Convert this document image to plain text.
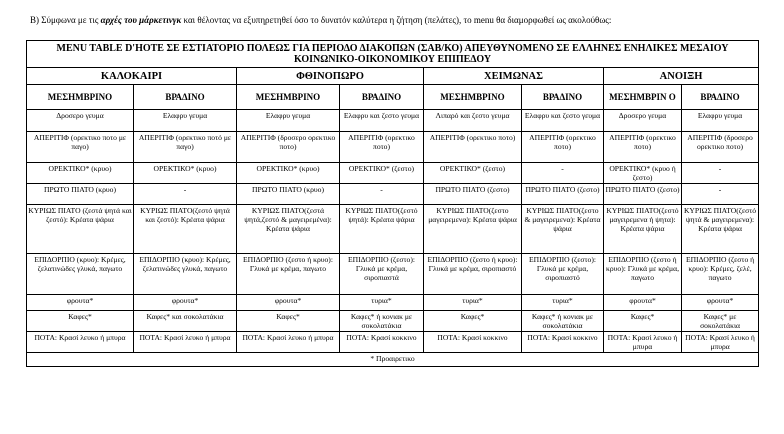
Β) Σύμφωνα με τις αρχές του μάρκετινγκ και θέλοντας να εξυπηρετηθεί όσο το δυνατόν καλύτερα η ζήτηση (πελάτες), το menu θα διαμορφωθεί ως ακολούθως:
MENU TABLE D'HOTE ΣΕ ΕΣΤΙΑΤΟΡΙΟ ΠΟΛΕΩΣ ΓΙΑ ΠΕΡΙΟΔΟ ΔΙΑΚΟΠΩΝ (ΣΑΒ/ΚΟ) ΑΠΕΥΘΥΝΟΜΕΝΟ ΣΕ ΕΛΛΗΝΕΣ ΕΝΗΛΙΚΕΣ ΜΕΣΑΙΟΥ ΚΟΙΝΩΝΙΚΟ-ΟΙΚΟΝΟΜΙΚΟΥ ΕΠΙΠΕΔΟΥ							
ΚΑΛΟΚΑΙΡΙ		ΦΘΙΝΟΠΩΡΟ		ΧΕΙΜΩΝΑΣ		ΑΝΟΙΞΗ	
ΜΕΣΗΜΒΡΙΝΟ	ΒΡΑΔΙΝΟ	ΜΕΣΗΜΒΡΙΝΟ	ΒΡΑΔΙΝΟ	ΜΕΣΗΜΒΡΙΝΟ	ΒΡΑΔΙΝΟ	ΜΕΣΗΜΒΡΙΝ Ο	ΒΡΑΔΙΝΟ
Δροσερο γευμα	Ελαφρυ γευμα	Ελαφρυ γευμα	Ελαφρυ και ζεστο γευμα	Λιπαρό και ζεστο γευμα	Ελαφρυ και ζεστο γευμα	Δροσερο γευμα	Ελαφρυ γευμα
ΑΠΕΡΙΤΙΦ (ορεκτικο ποτο με παγο)	ΑΠΕΡΙΤΙΦ (ορεκτικο ποτό με παγο)	ΑΠΕΡΙΤΙΦ (δροσερο ορεκτικο ποτο)	ΑΠΕΡΙΤΙΦ (ορεκτικο ποτο)	ΑΠΕΡΙΤΙΦ (ορεκτικο ποτο)	ΑΠΕΡΙΤΙΦ (ορεκτικο ποτο)	ΑΠΕΡΙΤΙΦ (ορεκτικο ποτο)	ΑΠΕΡΙΤΙΦ (δροσερο ορεκτικο ποτο)
ΟΡΕΚΤΙΚΟ* (κρυο)	ΟΡΕΚΤΙΚΟ* (κρυο)	ΟΡΕΚΤΙΚΟ* (κρυο)	ΟΡΕΚΤΙΚΟ* (ζεστο)	ΟΡΕΚΤΙΚΟ* (ζεστο)	-	ΟΡΕΚΤΙΚΟ* (κρυο ή ζεστο)	-
ΠΡΩΤΟ ΠΙΑΤΟ (κρυο)	-	ΠΡΩΤΟ ΠΙΑΤΟ (κρυο)	-	ΠΡΩΤΟ ΠΙΑΤΟ (ζεστο)	ΠΡΩΤΟ ΠΙΑΤΟ (ζεστο)	ΠΡΩΤΟ ΠΙΑΤΟ (ζεστο)	-
ΚΥΡΙΩΣ ΠΙΑΤΟ (ζεστά ψητά και ζεστό): Κρέατα ψάρια	ΚΥΡΙΩΣ ΠΙΑΤΟ(ζεστό ψητά και ζεστό): Κρέατα ψάρια	ΚΥΡΙΩΣ ΠΙΑΤΟ(ζεστά ψητά,ζεστό & μαγειρεμένα): Κρέατα ψάρια	ΚΥΡΙΩΣ ΠΙΑΤΟ(ζεστό ψητά): Κρέατα ψάρια	ΚΥΡΙΩΣ ΠΙΑΤΟ(ζεστο μαγειρεμενα): Κρέατα ψάρια	ΚΥΡΙΩΣ ΠΙΑΤΟ(ζεστο & μαγειρεμενα): Κρέατα ψάρια	ΚΥΡΙΩΣ ΠΙΑΤΟ(ζεστό μαγειρεμενα ή ψητα): Κρέατα ψάρια	ΚΥΡΙΩΣ ΠΙΑΤΟ(ζεστό ψητά & μαγειρεμενα): Κρέατα ψάρια
ΕΠΙΔΟΡΠΙΟ (κρυο): Κρέμες, ζελατινώδες γλυκά, παγωτο	ΕΠΙΔΟΡΠΙΟ (κρυο): Κρέμες, ζελατινώδες γλυκά, παγωτο	ΕΠΙΔΟΡΠΙΟ (ζεστο ή κρυο): Γλυκά με κρέμα, παγωτο	ΕΠΙΔΟΡΠΙΟ (ζεστο): Γλυκά με κρέμα, σιροπιαστά	ΕΠΙΔΟΡΠΙΟ (ζεστο ή κρυο): Γλυκά με κρέμα, σιροπιαστό	ΕΠΙΔΟΡΠΙΟ (ζεστο): Γλυκά με κρέμα, σιροπιαστό	ΕΠΙΔΟΡΠΙΟ (ζεστο ή κρυο): Γλυκά με κρέμα, παγωτο	ΕΠΙΔΟΡΠΙΟ (ζεστο ή κρυο): Κρέμες, ζελέ, παγωτο
φρουτα*	φρουτα*	φρουτα*	τυρια*	τυρια*	τυρια*	φρουτα*	φρουτα*
Καφες*	Καφες* και σοκολατάκια	Καφες*	Καφες* ή κονιακ με σοκολατάκια	Καφες*	Καφες* ή κονιακ με σοκολατάκια	Καφες*	Καφες* με σοκολατάκια
ΠΟΤΑ: Κρασί λευκο ή μπυρα	ΠΟΤΑ: Κρασί λευκο ή μπυρα	ΠΟΤΑ: Κρασί λευκο ή μπυρα	ΠΟΤΑ: Κρασί κοκκινο	ΠΟΤΑ: Κρασί κοκκινο	ΠΟΤΑ: Κρασί κοκκινο	ΠΟΤΑ: Κρασί λευκο ή μπυρα	ΠΟΤΑ: Κρασί λευκο ή μπυρα
* Προαιρετικο							
